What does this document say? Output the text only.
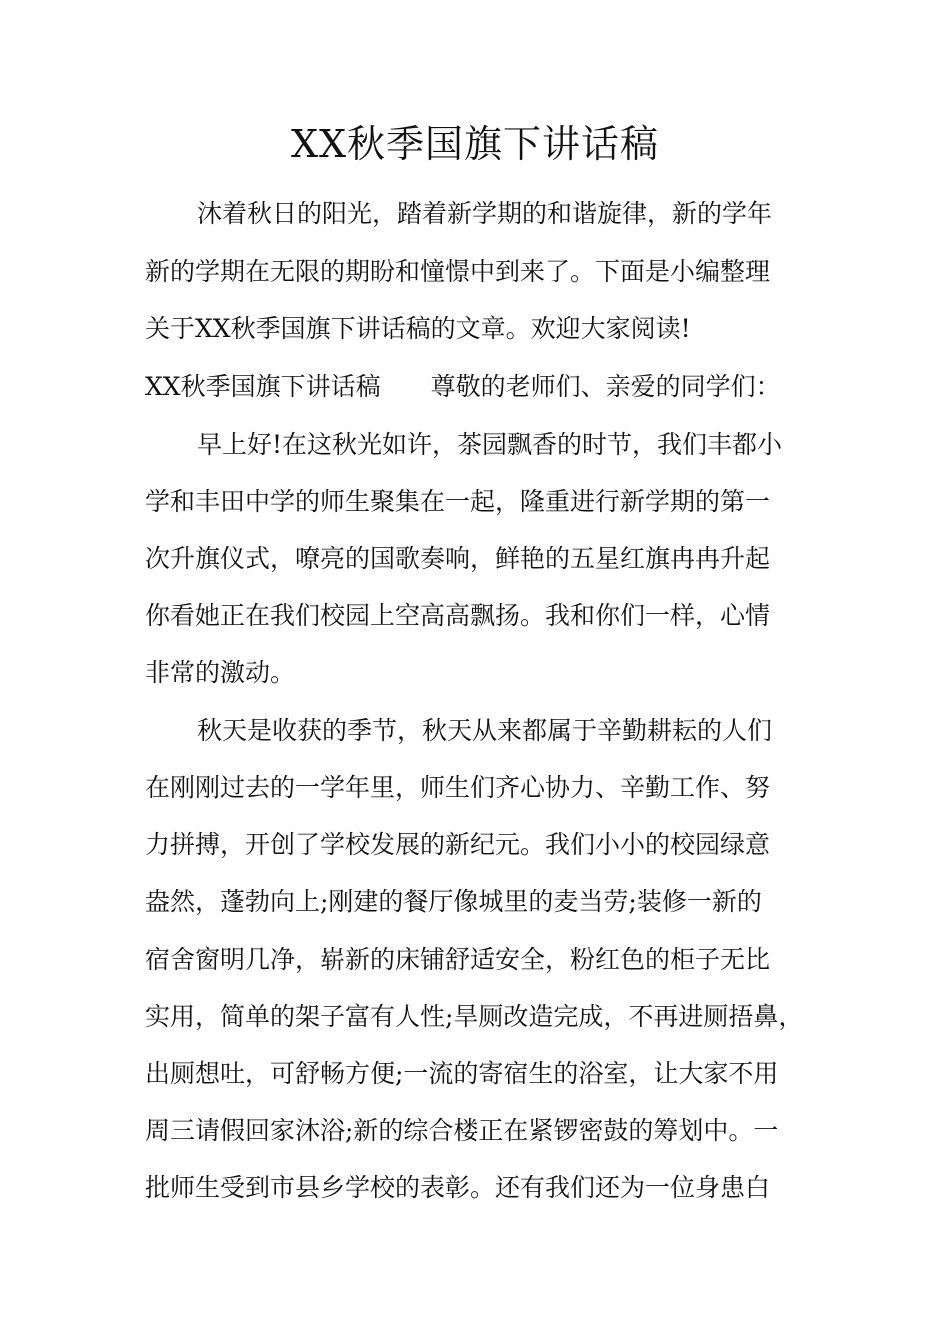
XX秋季国旗下讲话稿
沐着秋日的阳光，踏着新学期的和谐旋律，新的学年
新的学期在无限的期盼和憧憬中到来了。下面是小编整理
关于XX秋季国旗下讲话稿的文章。欢迎大家阅读!
XX秋季国旗下讲话稿 尊敬的老师们、亲爱的同学们：
早上好!在这秋光如许，茶园飘香的时节，我们丰都小
学和丰田中学的师生聚集在一起，隆重进行新学期的第一
次升旗仪式，嘹亮的国歌奏响，鲜艳的五星红旗冉冉升起
你看她正在我们校园上空高高飘扬。我和你们一样，心情
非常的激动。
秋天是收获的季节，秋天从来都属于辛勤耕耘的人们
在刚刚过去的一学年里，师生们齐心协力、辛勤工作、努
力拼搏，开创了学校发展的新纪元。我们小小的校园绿意
盎然，蓬勃向上;刚建的餐厅像城里的麦当劳;装修一新的
宿舍窗明几净，崭新的床铺舒适安全，粉红色的柜子无比
实用，简单的架子富有人性;旱厕改造完成，不再进厕捂鼻，
出厕想吐，可舒畅方便;一流的寄宿生的浴室，让大家不用
周三请假回家沐浴;新的综合楼正在紧锣密鼓的筹划中。一
批师生受到市县乡学校的表彰。还有我们还为一位身患白
